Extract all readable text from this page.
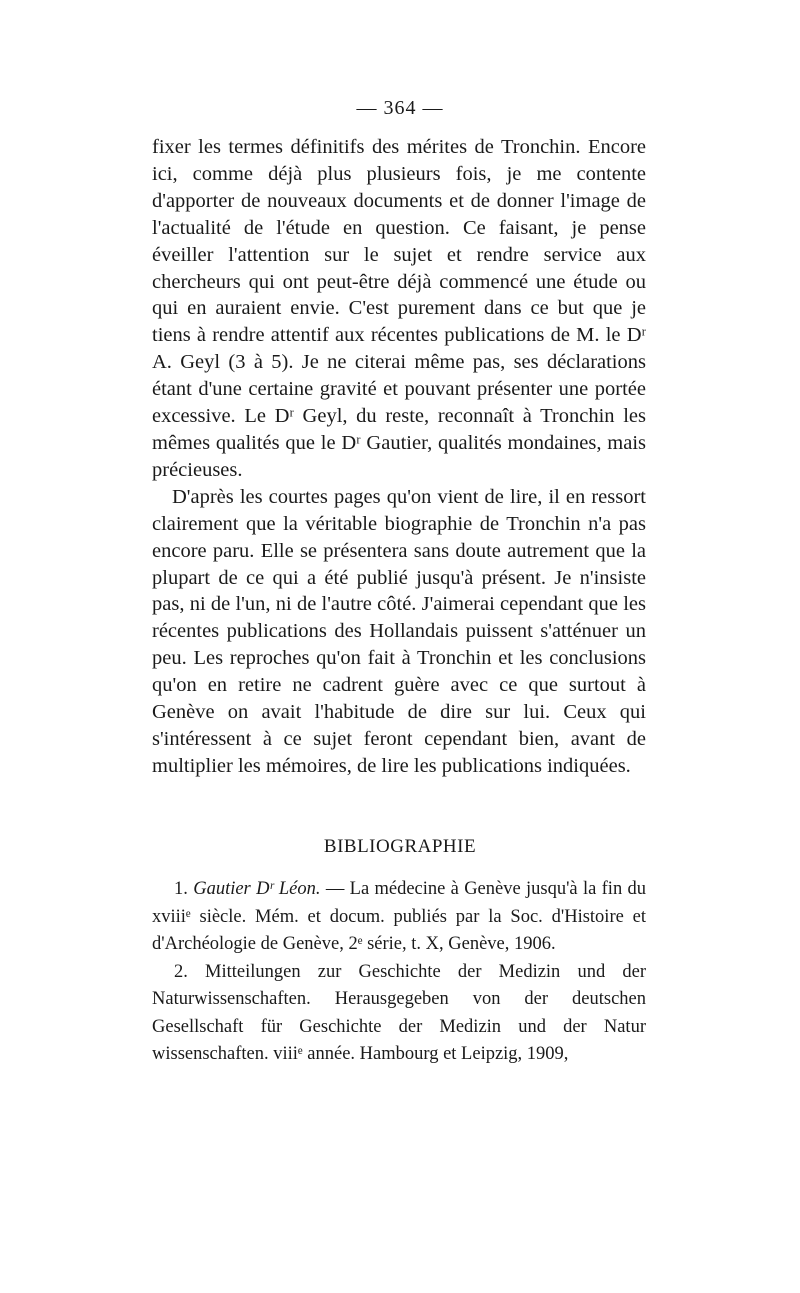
— 364 —

fixer les termes définitifs des mérites de Tronchin. Encore ici, comme déjà plus plusieurs fois, je me contente d'apporter de nouveaux documents et de donner l'image de l'actualité de l'étude en question. Ce faisant, je pense éveiller l'attention sur le sujet et rendre service aux chercheurs qui ont peut-être déjà commencé une étude ou qui en auraient envie. C'est purement dans ce but que je tiens à rendre attentif aux récentes publications de M. le Dʳ A. Geyl (3 à 5). Je ne citerai même pas, ses déclarations étant d'une certaine gravité et pouvant présenter une portée excessive. Le Dʳ Geyl, du reste, reconnaît à Tronchin les mêmes qualités que le Dʳ Gautier, qualités mondaines, mais précieuses.

D'après les courtes pages qu'on vient de lire, il en ressort clairement que la véritable biographie de Tronchin n'a pas encore paru. Elle se présentera sans doute autrement que la plupart de ce qui a été publié jusqu'à présent. Je n'insiste pas, ni de l'un, ni de l'autre côté. J'aimerai cependant que les récentes publications des Hollandais puissent s'atténuer un peu. Les reproches qu'on fait à Tronchin et les conclusions qu'on en retire ne cadrent guère avec ce que surtout à Genève on avait l'habitude de dire sur lui. Ceux qui s'intéressent à ce sujet feront cependant bien, avant de multiplier les mémoires, de lire les publications indiquées.

BIBLIOGRAPHIE

1. Gautier Dʳ Léon. — La médecine à Genève jusqu'à la fin du xviiiᵉ siècle. Mém. et docum. publiés par la Soc. d'Histoire et d'Archéologie de Genève, 2ᵉ série, t. X, Genève, 1906.

2. Mitteilungen zur Geschichte der Medizin und der Naturwissenschaften. Herausgegeben von der deutschen Gesellschaft für Geschichte der Medizin und der Natur wissenschaften. viiiᵉ année. Hambourg et Leipzig, 1909,
